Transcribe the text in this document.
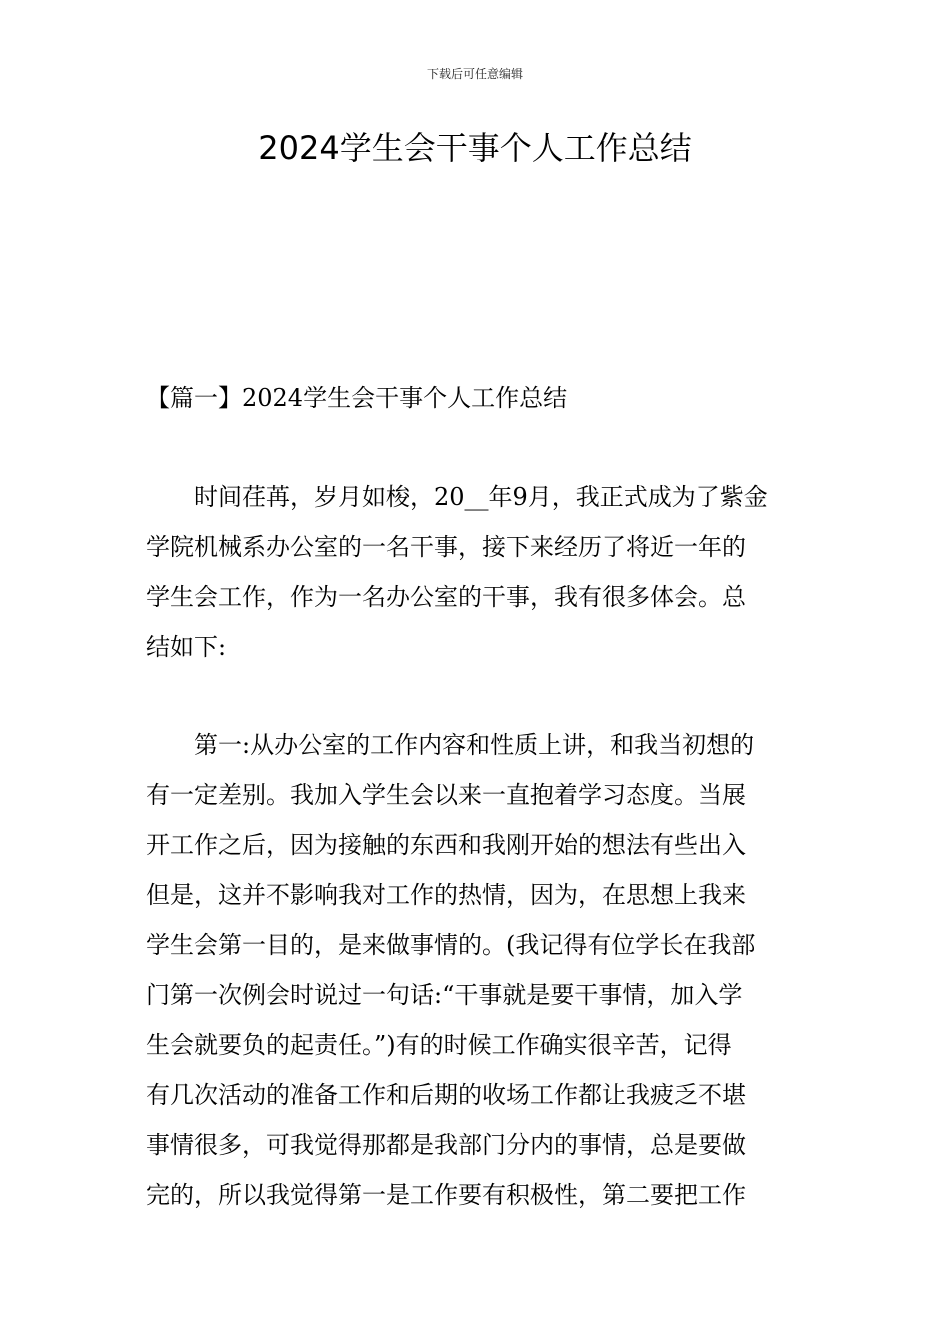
下载后可任意编辑
2024学生会干事个人工作总结
【篇一】2024学生会干事个人工作总结
时间荏苒，岁月如梭，20__年9月，我正式成为了紫金
学院机械系办公室的一名干事，接下来经历了将近一年的
学生会工作，作为一名办公室的干事，我有很多体会。总
结如下:
第一:从办公室的工作内容和性质上讲，和我当初想的
有一定差别。我加入学生会以来一直抱着学习态度。当展
开工作之后，因为接触的东西和我刚开始的想法有些出入
但是，这并不影响我对工作的热情，因为，在思想上我来
学生会第一目的，是来做事情的。(我记得有位学长在我部
门第一次例会时说过一句话:“干事就是要干事情，加入学
生会就要负的起责任。”)有的时候工作确实很辛苦，记得
有几次活动的准备工作和后期的收场工作都让我疲乏不堪
事情很多，可我觉得那都是我部门分内的事情，总是要做
完的，所以我觉得第一是工作要有积极性，第二要把工作
